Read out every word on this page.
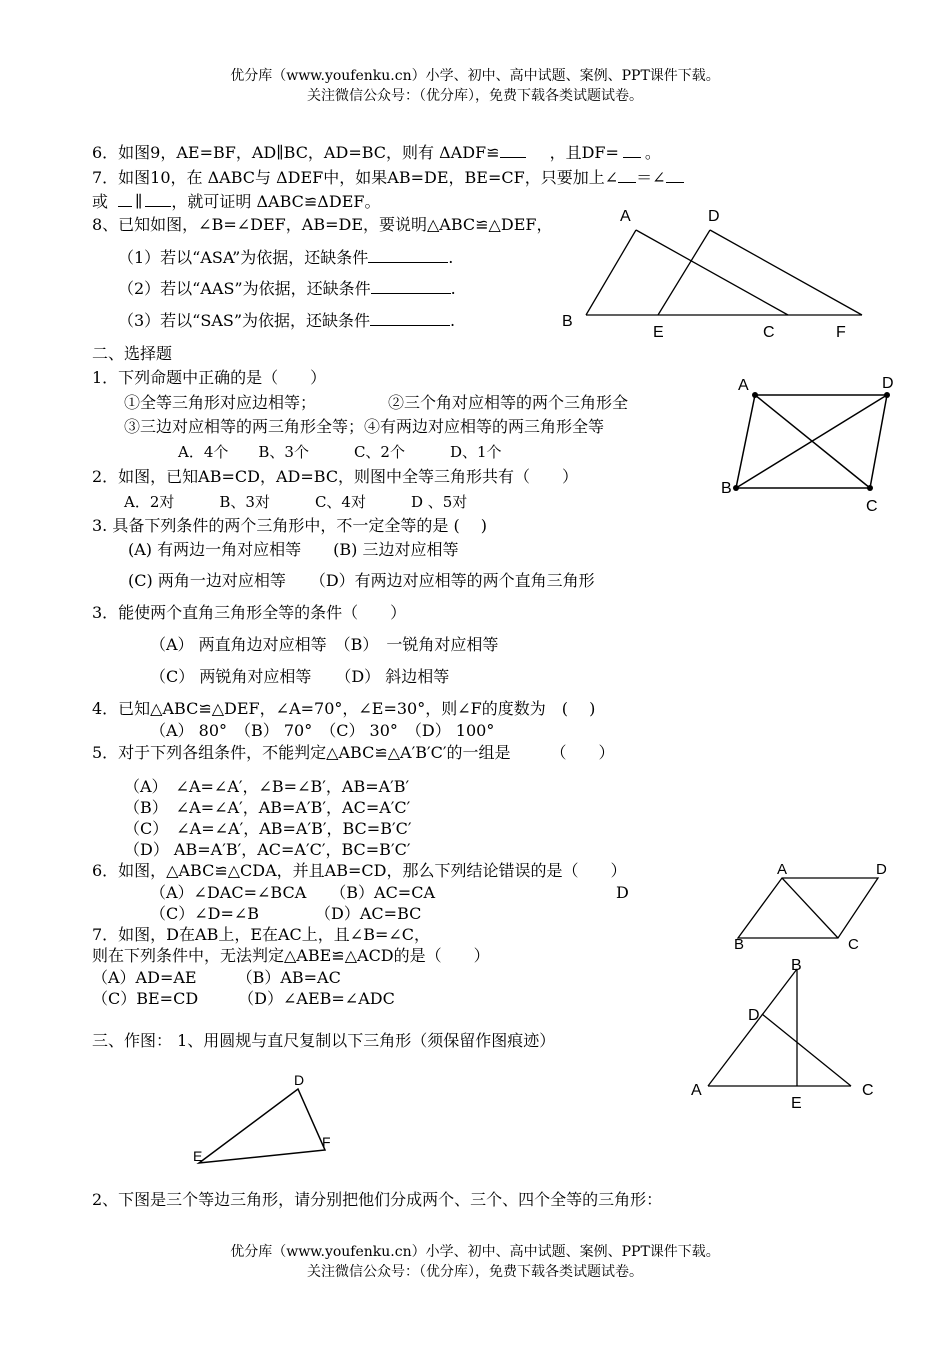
优分库（www.youfenku.cn）小学、初中、高中试题、案例、PPT课件下载。
关注微信公众号：（优分库），免费下载各类试题试卷。
6．如图9，AE=BF，AD∥BC，AD=BC，则有 ΔADF≌	，且DF= 。
7．如图10，在 ΔABC与 ΔDEF中，如果AB=DE，BE=CF，只要加上∠ ＝∠
或 ∥ ，就可证明 ΔABC≌ΔDEF。
8、已知如图，∠B=∠DEF，AB=DE，要说明△ABC≌△DEF，
（1）若以“ASA”为依据，还缺条件	.
（2）若以“AAS”为依据，还缺条件	.
（3）若以“SAS”为依据，还缺条件	.
二、选择题
1．下列命题中正确的是（　　）
①全等三角形对应边相等；	②三个角对应相等的两个三角形全
③三边对应相等的两三角形全等；④有两边对应相等的两三角形全等
A．4个　　B、3个　　　C、2个　　　D、1个
2．如图，已知AB=CD，AD=BC，则图中全等三角形共有（　　）
A．2对　　　B、3对　　　C、4对　　　D 、5对
3. 具备下列条件的两个三角形中，不一定全等的是 (　 )
(A) 有两边一角对应相等　　(B) 三边对应相等
(C) 两角一边对应相等　　（D）有两边对应相等的两个直角三角形
3．能使两个直角三角形全等的条件（　　）
（A） 两直角边对应相等　（B）　一锐角对应相等
（C） 两锐角对应相等　　（D） 斜边相等
4．已知△ABC≌△DEF，∠A=70°，∠E=30°，则∠F的度数为　(　 )
（A） 80°　（B） 70°　（C） 30°　（D） 100°
5．对于下列各组条件，不能判定△ABC≌△A′B′C′的一组是　　　（　　）
（A）　∠A=∠A′，∠B=∠B′，AB=A′B′
（B）　∠A=∠A′，AB=A′B′，AC=A′C′
（C）　∠A=∠A′，AB=A′B′，BC=B′C′
（D） AB=A′B′，AC=A′C′，BC=B′C′
6．如图，△ABC≌△CDA，并且AB=CD，那么下列结论错误的是（　　）
（A）∠DAC=∠BCA　　（B）AC=CA	D
（C）∠D=∠B　　　　（D）AC=BC
7．如图，D在AB上，E在AC上，且∠B=∠C，
则在下列条件中，无法判定△ABE≌△ACD的是（　　）
（A）AD=AE　　　（B）AB=AC
（C）BE=CD　　　（D）∠AEB=∠ADC
三、作图： 1、用圆规与直尺复制以下三角形（须保留作图痕迹）
2、下图是三个等边三角形，请分别把他们分成两个、三个、四个全等的三角形：
优分库（www.youfenku.cn）小学、初中、高中试题、案例、PPT课件下载。
关注微信公众号：（优分库），免费下载各类试题试卷。
A	D
B
E	C	F
A	D
B
C
A	D
B	C
B
D
A
E
C
D
E
F
